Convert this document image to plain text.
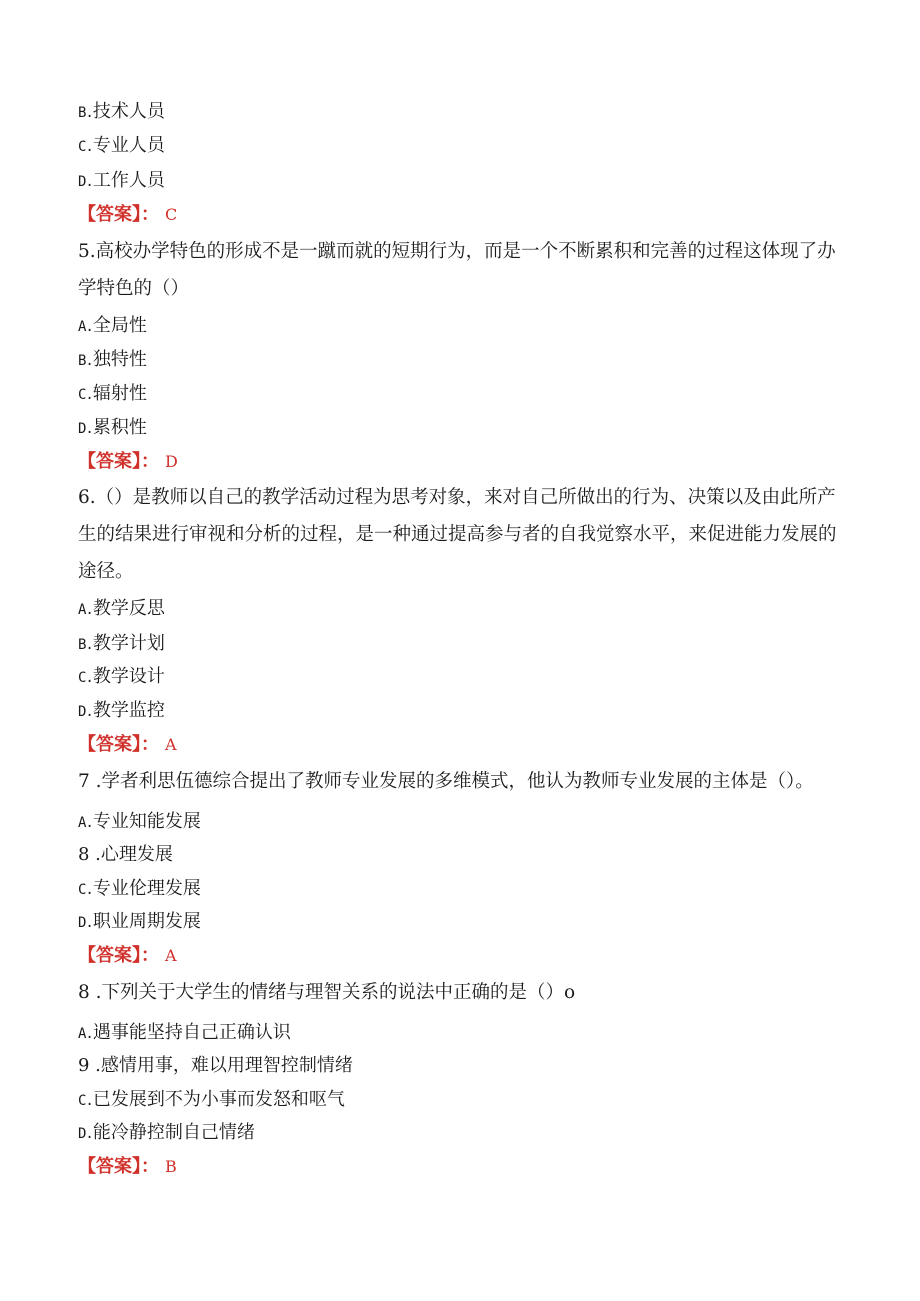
B.技术人员
C.专业人员
D.工作人员
【答案】： C
5.高校办学特色的形成不是一蹴而就的短期行为，而是一个不断累积和完善的过程这体现了办
学特色的（）
A.全局性
B.独特性
C.辐射性
D.累积性
【答案】： D
6.（）是教师以自己的教学活动过程为思考对象，来对自己所做出的行为、决策以及由此所产
生的结果进行审视和分析的过程，是一种通过提高参与者的自我觉察水平，来促进能力发展的
途径。
A.教学反思
B.教学计划
C.教学设计
D.教学监控
【答案】： A
7 .学者利思伍德综合提出了教师专业发展的多维模式，他认为教师专业发展的主体是（）。
A.专业知能发展
8 .心理发展
C.专业伦理发展
D.职业周期发展
【答案】： A
8 .下列关于大学生的情绪与理智关系的说法中正确的是（）o
A.遇事能坚持自己正确认识
9 .感情用事，难以用理智控制情绪
C.已发展到不为小事而发怒和呕气
D.能冷静控制自己情绪
【答案】： B
